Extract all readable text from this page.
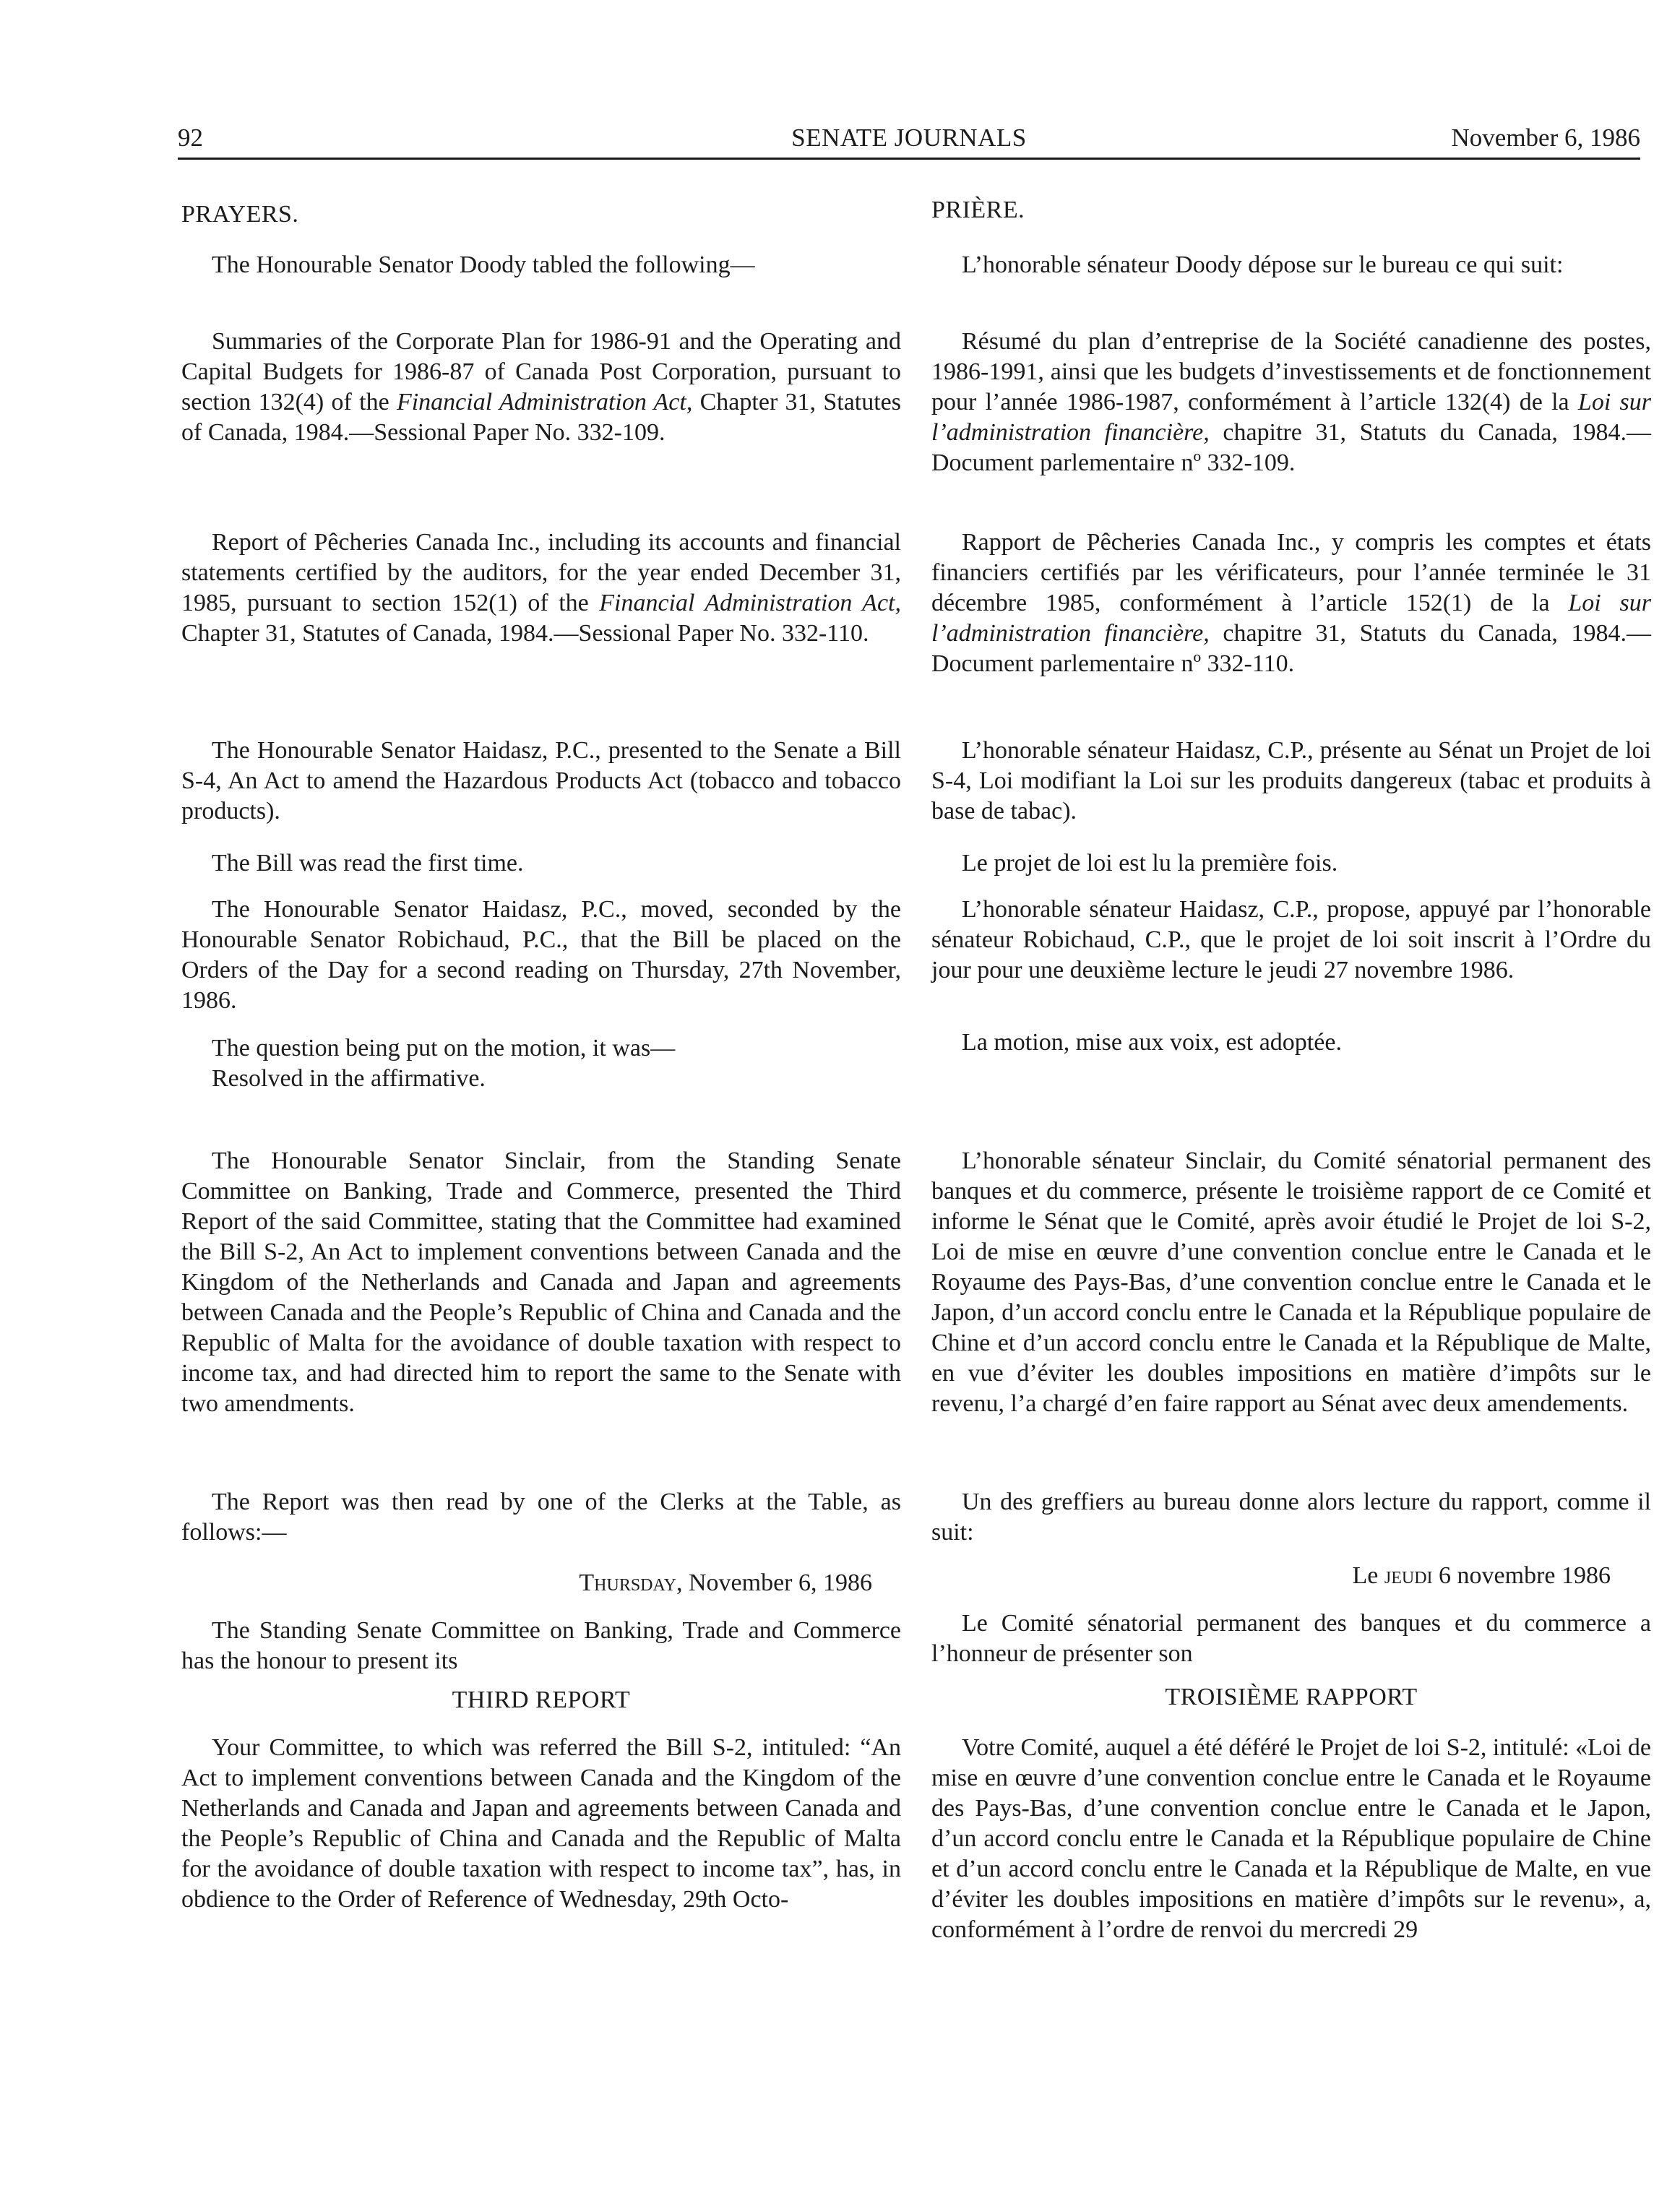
92	SENATE JOURNALS	November 6, 1986

PRAYERS.

The Honourable Senator Doody tabled the following—

Summaries of the Corporate Plan for 1986-91 and the Operating and Capital Budgets for 1986-87 of Canada Post Corporation, pursuant to section 132(4) of the Financial Administration Act, Chapter 31, Statutes of Canada, 1984.—Sessional Paper No. 332-109.

Report of Pêcheries Canada Inc., including its accounts and financial statements certified by the auditors, for the year ended December 31, 1985, pursuant to section 152(1) of the Financial Administration Act, Chapter 31, Statutes of Canada, 1984.—Sessional Paper No. 332-110.

The Honourable Senator Haidasz, P.C., presented to the Senate a Bill S-4, An Act to amend the Hazardous Products Act (tobacco and tobacco products).

The Bill was read the first time.

The Honourable Senator Haidasz, P.C., moved, seconded by the Honourable Senator Robichaud, P.C., that the Bill be placed on the Orders of the Day for a second reading on Thursday, 27th November, 1986.

The question being put on the motion, it was—

Resolved in the affirmative.

The Honourable Senator Sinclair, from the Standing Senate Committee on Banking, Trade and Commerce, presented the Third Report of the said Committee, stating that the Committee had examined the Bill S-2, An Act to implement conventions between Canada and the Kingdom of the Netherlands and Canada and Japan and agreements between Canada and the People’s Republic of China and Canada and the Republic of Malta for the avoidance of double taxation with respect to income tax, and had directed him to report the same to the Senate with two amendments.

The Report was then read by one of the Clerks at the Table, as follows:—

Thursday, November 6, 1986

The Standing Senate Committee on Banking, Trade and Commerce has the honour to present its

THIRD REPORT

Your Committee, to which was referred the Bill S-2, intituled: “An Act to implement conventions between Canada and the Kingdom of the Netherlands and Canada and Japan and agreements between Canada and the People’s Republic of China and Canada and the Republic of Malta for the avoidance of double taxation with respect to income tax”, has, in obdience to the Order of Reference of Wednesday, 29th Octo-

PRIÈRE.

L’honorable sénateur Doody dépose sur le bureau ce qui suit:

Résumé du plan d’entreprise de la Société canadienne des postes, 1986-1991, ainsi que les budgets d’investissements et de fonctionnement pour l’année 1986-1987, conformément à l’article 132(4) de la Loi sur l’administration financière, chapitre 31, Statuts du Canada, 1984.—Document parlementaire nº 332-109.

Rapport de Pêcheries Canada Inc., y compris les comptes et états financiers certifiés par les vérificateurs, pour l’année terminée le 31 décembre 1985, conformément à l’article 152(1) de la Loi sur l’administration financière, chapitre 31, Statuts du Canada, 1984.—Document parlementaire nº 332-110.

L’honorable sénateur Haidasz, C.P., présente au Sénat un Projet de loi S-4, Loi modifiant la Loi sur les produits dangereux (tabac et produits à base de tabac).

Le projet de loi est lu la première fois.

L’honorable sénateur Haidasz, C.P., propose, appuyé par l’honorable sénateur Robichaud, C.P., que le projet de loi soit inscrit à l’Ordre du jour pour une deuxième lecture le jeudi 27 novembre 1986.

La motion, mise aux voix, est adoptée.

L’honorable sénateur Sinclair, du Comité sénatorial permanent des banques et du commerce, présente le troisième rapport de ce Comité et informe le Sénat que le Comité, après avoir étudié le Projet de loi S-2, Loi de mise en œuvre d’une convention conclue entre le Canada et le Royaume des Pays-Bas, d’une convention conclue entre le Canada et le Japon, d’un accord conclu entre le Canada et la République populaire de Chine et d’un accord conclu entre le Canada et la République de Malte, en vue d’éviter les doubles impositions en matière d’impôts sur le revenu, l’a chargé d’en faire rapport au Sénat avec deux amendements.

Un des greffiers au bureau donne alors lecture du rapport, comme il suit:

Le jeudi 6 novembre 1986

Le Comité sénatorial permanent des banques et du commerce a l’honneur de présenter son

TROISIÈME RAPPORT

Votre Comité, auquel a été déféré le Projet de loi S-2, intitulé: «Loi de mise en œuvre d’une convention conclue entre le Canada et le Royaume des Pays-Bas, d’une convention conclue entre le Canada et le Japon, d’un accord conclu entre le Canada et la République populaire de Chine et d’un accord conclu entre le Canada et la République de Malte, en vue d’éviter les doubles impositions en matière d’impôts sur le revenu», a, conformément à l’ordre de renvoi du mercredi 29
